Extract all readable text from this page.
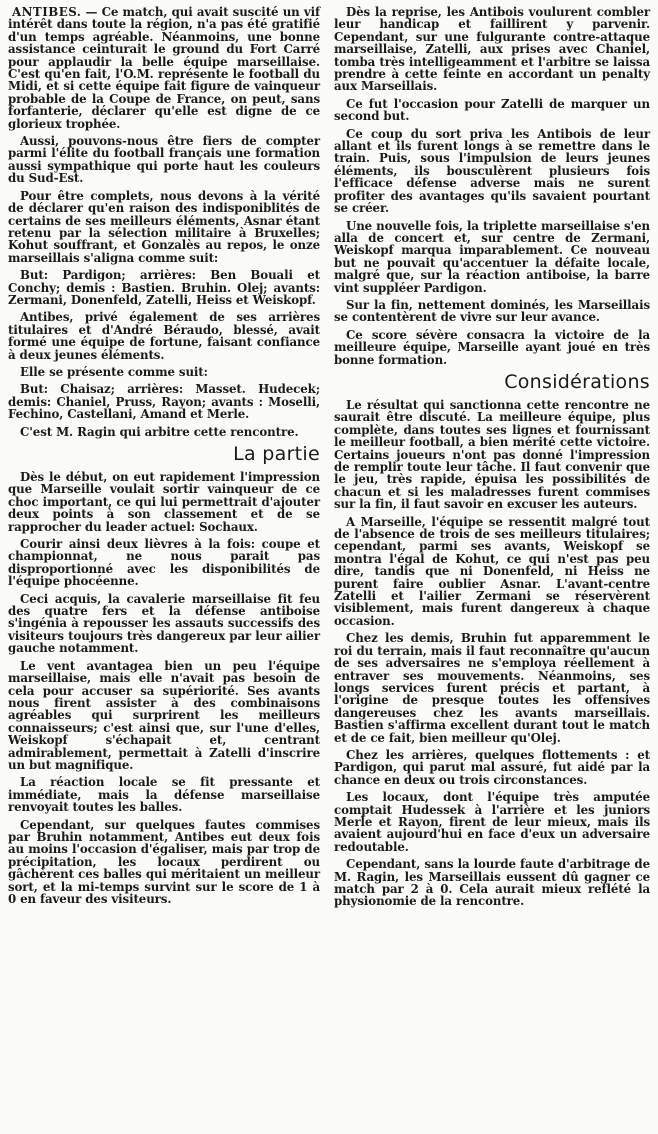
ANTIBES. — Ce match, qui avait suscité un vif intérêt dans toute la région, n'a pas été gratifié d'un temps agréable. Néanmoins, une bonne assistance ceinturait le ground du Fort Carré pour applaudir la belle équipe marseillaise. C'est qu'en fait, l'O.M. représente le football du Midi, et si cette équipe fait figure de vainqueur probable de la Coupe de France, on peut, sans forfanterie, déclarer qu'elle est digne de ce glorieux trophée.

Aussi, pouvons-nous être fiers de compter parmi l'élite du football français une formation aussi sympathique qui porte haut les couleurs du Sud-Est.

Pour être complets, nous devons à la vérité de déclarer qu'en raison des indisponiblités de certains de ses meilleurs éléments, Asnar étant retenu par la sélection militaire à Bruxelles; Kohut souffrant, et Gonzalès au repos, le onze marseillais s'aligna comme suit:

But: Pardigon; arrières: Ben Bouali et Conchy; demis : Bastien. Bruhin. Olej; avants: Zermani, Donenfeld, Zatelli, Heiss et Weiskopf.

Antibes, privé également de ses arrières titulaires et d'André Béraudo, blessé, avait formé une équipe de fortune, faisant confiance à deux jeunes éléments.

Elle se présente comme suit:

But: Chaisaz; arrières: Masset. Hudecek; demis: Chaniel, Pruss, Rayon; avants : Moselli, Fechino, Castellani, Amand et Merle.

C'est M. Ragin qui arbitre cette rencontre.

La partie

Dès le début, on eut rapidement l'impression que Marseille voulait sortir vainqueur de ce choc important, ce qui lui permettrait d'ajouter deux points à son classement et de se rapprocher du leader actuel: Sochaux.

Courir ainsi deux lièvres à la fois: coupe et championnat, ne nous parait pas disproportionné avec les disponibilités de l'équipe phocéenne.

Ceci acquis, la cavalerie marseillaise fit feu des quatre fers et la défense antiboise s'ingénia à repousser les assauts successifs des visiteurs toujours très dangereux par leur ailier gauche notamment.

Le vent avantagea bien un peu l'équipe marseillaise, mais elle n'avait pas besoin de cela pour accuser sa supériorité. Ses avants nous firent assister à des combinaisons agréables qui surprirent les meilleurs connaisseurs; c'est ainsi que, sur l'une d'elles, Weiskopf s'échapait et, centrant admirablement, permettait à Zatelli d'inscrire un but magnifique.

La réaction locale se fit pressante et immédiate, mais la défense marseillaise renvoyait toutes les balles.

Cependant, sur quelques fautes commises par Bruhin notamment, Antibes eut deux fois au moins l'occasion d'égaliser, mais par trop de précipitation, les locaux perdirent ou gâchèrent ces balles qui méritaient un meilleur sort, et la mi-temps survint sur le score de 1 à 0 en faveur des visiteurs.

Dès la reprise, les Antibois voulurent combler leur handicap et faillirent y parvenir. Cependant, sur une fulgurante contre-attaque marseillaise, Zatelli, aux prises avec Chaniel, tomba très intelligeamment et l'arbitre se laissa prendre à cette feinte en accordant un penalty aux Marseillais.

Ce fut l'occasion pour Zatelli de marquer un second but.

Ce coup du sort priva les Antibois de leur allant et ils furent longs à se remettre dans le train. Puis, sous l'impulsion de leurs jeunes éléments, ils bousculèrent plusieurs fois l'efficace défense adverse mais ne surent profiter des avantages qu'ils savaient pourtant se créer.

Une nouvelle fois, la triplette marseillaise s'en alla de concert et, sur centre de Zermani, Weiskopf marqua imparablement. Ce nouveau but ne pouvait qu'accentuer la défaite locale, malgré que, sur la réaction antiboise, la barre vint suppléer Pardigon.

Sur la fin, nettement dominés, les Marseillais se contentèrent de vivre sur leur avance.

Ce score sévère consacra la victoire de la meilleure équipe, Marseille ayant joué en très bonne formation.

Considérations

Le résultat qui sanctionna cette rencontre ne saurait être discuté. La meilleure équipe, plus complète, dans toutes ses lignes et fournissant le meilleur football, a bien mérité cette victoire. Certains joueurs n'ont pas donné l'impression de remplir toute leur tâche. Il faut convenir que le jeu, très rapide, épuisa les possibilités de chacun et si les maladresses furent commises sur la fin, il faut savoir en excuser les auteurs.

A Marseille, l'équipe se ressentit malgré tout de l'absence de trois de ses meilleurs titulaires; cependant, parmi ses avants, Weiskopf se montra l'égal de Kohut, ce qui n'est pas peu dire, tandis que ni Donenfeld, ni Heiss ne purent faire oublier Asnar. L'avant-centre Zatelli et l'ailier Zermani se réservèrent visiblement, mais furent dangereux à chaque occasion.

Chez les demis, Bruhin fut apparemment le roi du terrain, mais il faut reconnaître qu'aucun de ses adversaires ne s'employa réellement à entraver ses mouvements. Néanmoins, ses longs services furent précis et partant, à l'origine de presque toutes les offensives dangereuses chez les avants marseillais. Bastien s'affirma excellent durant tout le match et de ce fait, bien meilleur qu'Olej.

Chez les arrières, quelques flottements : et Pardigon, qui parut mal assuré, fut aidé par la chance en deux ou trois circonstances.

Les locaux, dont l'équipe très amputée comptait Hudessek à l'arrière et les juniors Merle et Rayon, firent de leur mieux, mais ils avaient aujourd'hui en face d'eux un adversaire redoutable.

Cependant, sans la lourde faute d'arbitrage de M. Ragin, les Marseillais eussent dû gagner ce match par 2 à 0. Cela aurait mieux reflété la physionomie de la rencontre.
